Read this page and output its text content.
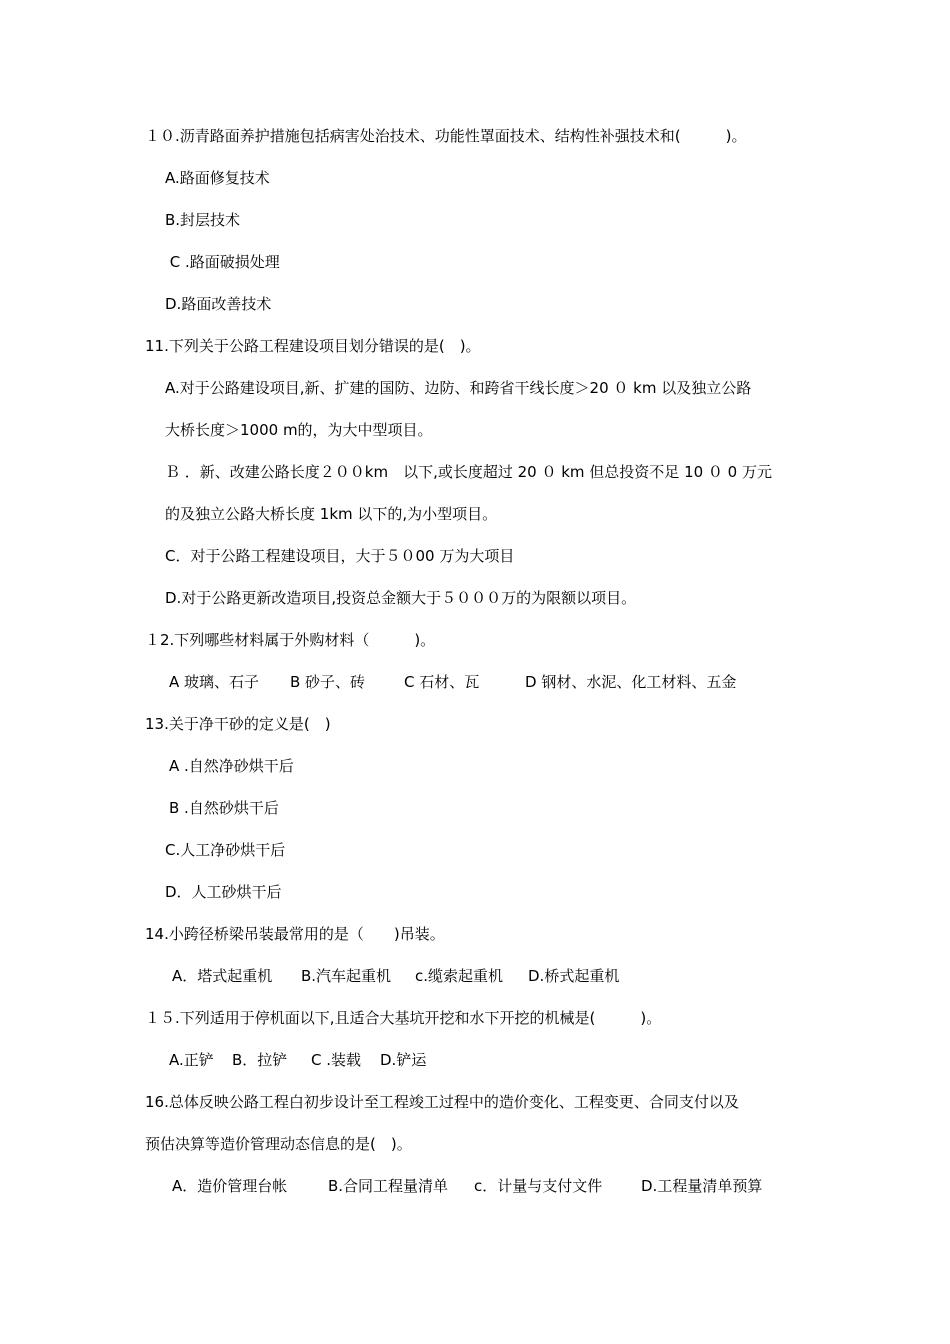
１０.沥青路面养护措施包括病害处治技术、功能性罩面技术、结构性补强技术和(　　　)。
A.路面修复技术
B.封层技术
C .路面破损处理
D.路面改善技术
11.下列关于公路工程建设项目划分错误的是(　)。
A.对于公路建设项目,新、扩建的国防、边防、和跨省干线长度＞20 ０ km 以及独立公路
大桥长度＞1000 m的，为大中型项目。
Ｂ ．新、改建公路长度２００km　以下,或长度超过 20 ０ km 但总投资不足 10 ０ 0 万元
的及独立公路大桥长度 1km 以下的,为小型项目。
C．对于公路工程建设项目，大于５０00 万为大项目
D.对于公路更新改造项目,投资总金额大于５０００万的为限额以项目。
１2.下列哪些材料属于外购材料（　　　)。

A 玻璃、石子

B 砂子、砖

	C 石材、瓦

	D 钢材、水泥、化工材料、五金

13.关于净干砂的定义是(　)
A .自然净砂烘干后
B .自然砂烘干后
C.人工净砂烘干后
D．人工砂烘干后
14.小跨径桥梁吊装最常用的是（　　)吊装。

A．塔式起重机

B.汽车起重机

c.缆索起重机

D.桥式起重机

１５.下列适用于停机面以下,且适合大基坑开挖和水下开挖的机械是(　　　)。

A.正铲

B．拉铲

C .装载

D.铲运

16.总体反映公路工程白初步设计至工程竣工过程中的造价变化、工程变更、合同支付以及
预估决算等造价管理动态信息的是(　)。

A．造价管理台帐

	B.合同工程量清单

c．计量与支付文件

	D.工程量清单预算
